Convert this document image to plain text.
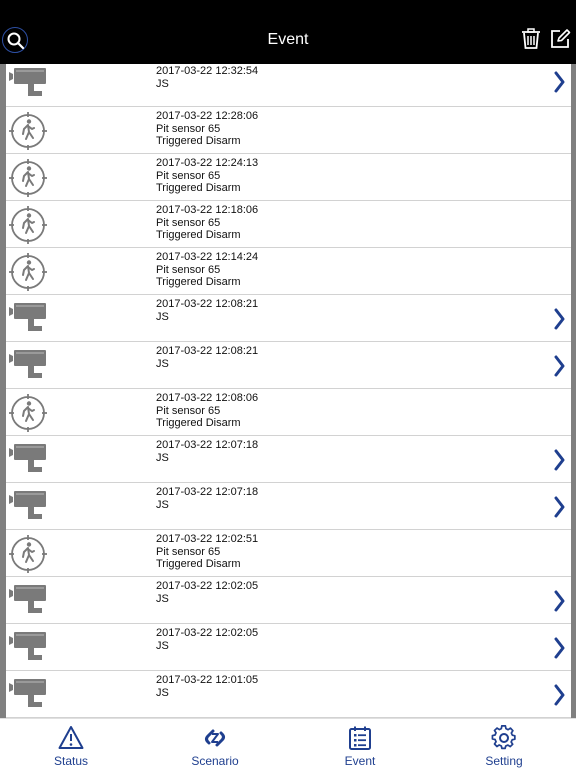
Event
2017-03-22 12:32:54
JS
2017-03-22 12:28:06
Pit sensor 65
Triggered Disarm
2017-03-22 12:24:13
Pit sensor 65
Triggered Disarm
2017-03-22 12:18:06
Pit sensor 65
Triggered Disarm
2017-03-22 12:14:24
Pit sensor 65
Triggered Disarm
2017-03-22 12:08:21
JS
2017-03-22 12:08:21
JS
2017-03-22 12:08:06
Pit sensor 65
Triggered Disarm
2017-03-22 12:07:18
JS
2017-03-22 12:07:18
JS
2017-03-22 12:02:51
Pit sensor 65
Triggered Disarm
2017-03-22 12:02:05
JS
2017-03-22 12:02:05
JS
2017-03-22 12:01:05
JS
Status	Scenario	Event	Setting
